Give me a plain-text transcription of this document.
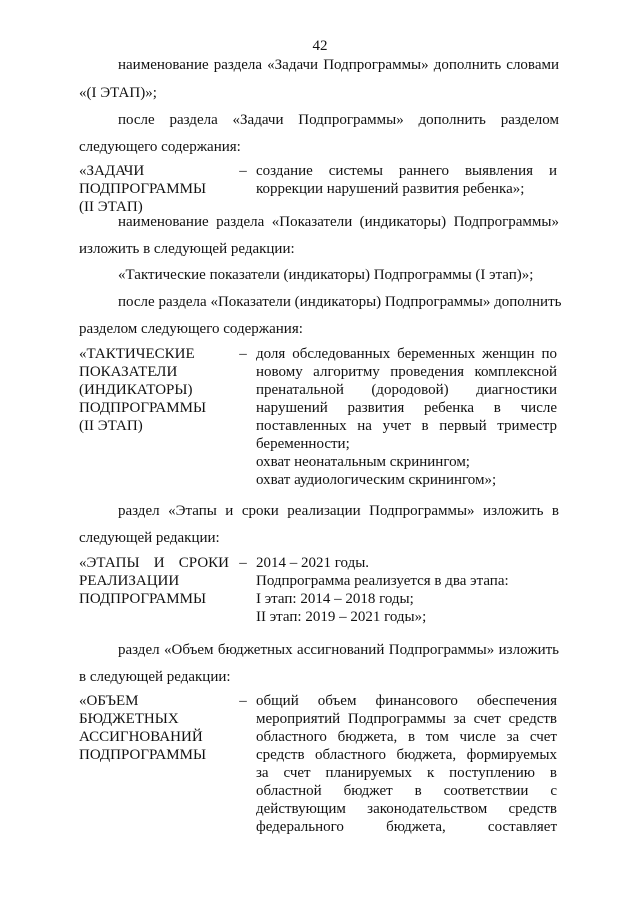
42
наименование раздела «Задачи Подпрограммы» дополнить словами
«(I ЭТАП)»;
после раздела «Задачи Подпрограммы» дополнить разделом
следующего содержания:
«ЗАДАЧИ
ПОДПРОГРАММЫ
(II ЭТАП)
– создание системы раннего выявления и
коррекции нарушений развития ребенка»;
наименование раздела «Показатели (индикаторы) Подпрограммы»
изложить в следующей редакции:
«Тактические показатели (индикаторы) Подпрограммы (I этап)»;
после раздела «Показатели (индикаторы) Подпрограммы» дополнить
разделом следующего содержания:
«ТАКТИЧЕСКИЕ
ПОКАЗАТЕЛИ
(ИНДИКАТОРЫ)
ПОДПРОГРАММЫ
(II ЭТАП)
– доля обследованных беременных женщин по
новому алгоритму проведения комплексной
пренатальной (дородовой) диагностики
нарушений развития ребенка в числе
поставленных на учет в первый триместр
беременности;
охват неонатальным скринингом;
охват аудиологическим скринингом»;
раздел «Этапы и сроки реализации Подпрограммы» изложить в
следующей редакции:
«ЭТАПЫ И СРОКИ
РЕАЛИЗАЦИИ
ПОДПРОГРАММЫ
– 2014 – 2021 годы.
Подпрограмма реализуется в два этапа:
I этап: 2014 – 2018 годы;
II этап: 2019 – 2021 годы»;
раздел «Объем бюджетных ассигнований Подпрограммы» изложить
в следующей редакции:
«ОБЪЕМ
БЮДЖЕТНЫХ
АССИГНОВАНИЙ
ПОДПРОГРАММЫ
– общий объем финансового обеспечения
мероприятий Подпрограммы за счет средств
областного бюджета, в том числе за счет
средств областного бюджета, формируемых
за счет планируемых к поступлению в
областной бюджет в соответствии с
действующим законодательством средств
федерального бюджета, составляет
